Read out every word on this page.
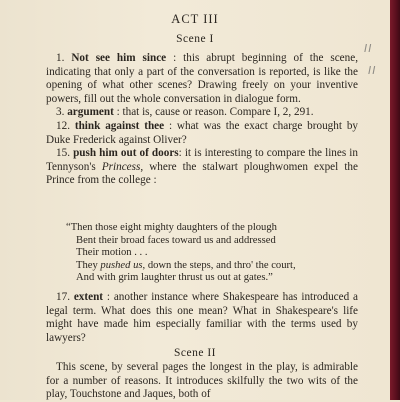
II
II
ACT III
Scene I

1. Not see him since : this abrupt beginning of the scene, indicating that only a part of the conversation is reported, is like the opening of what other scenes? Drawing freely on your inventive powers, fill out the whole conversation in dialogue form.

3. argument : that is, cause or reason. Compare I, 2, 291.

12. think against thee : what was the exact charge brought by Duke Frederick against Oliver?

15. push him out of doors: it is interesting to compare the lines in Tennyson's Princess, where the stalwart ploughwomen expel the Prince from the college :

“Then those eight mighty daughters of the plough
Bent their broad faces toward us and addressed
Their motion . . .
They pushed us, down the steps, and thro' the court,
And with grim laughter thrust us out at gates.”

17. extent : another instance where Shakespeare has introduced a legal term. What does this one mean? What in Shakespeare's life might have made him especially familiar with the terms used by lawyers?

Scene II

This scene, by several pages the longest in the play, is admirable for a number of reasons. It introduces skilfully the two wits of the play, Touchstone and Jaques, both of
